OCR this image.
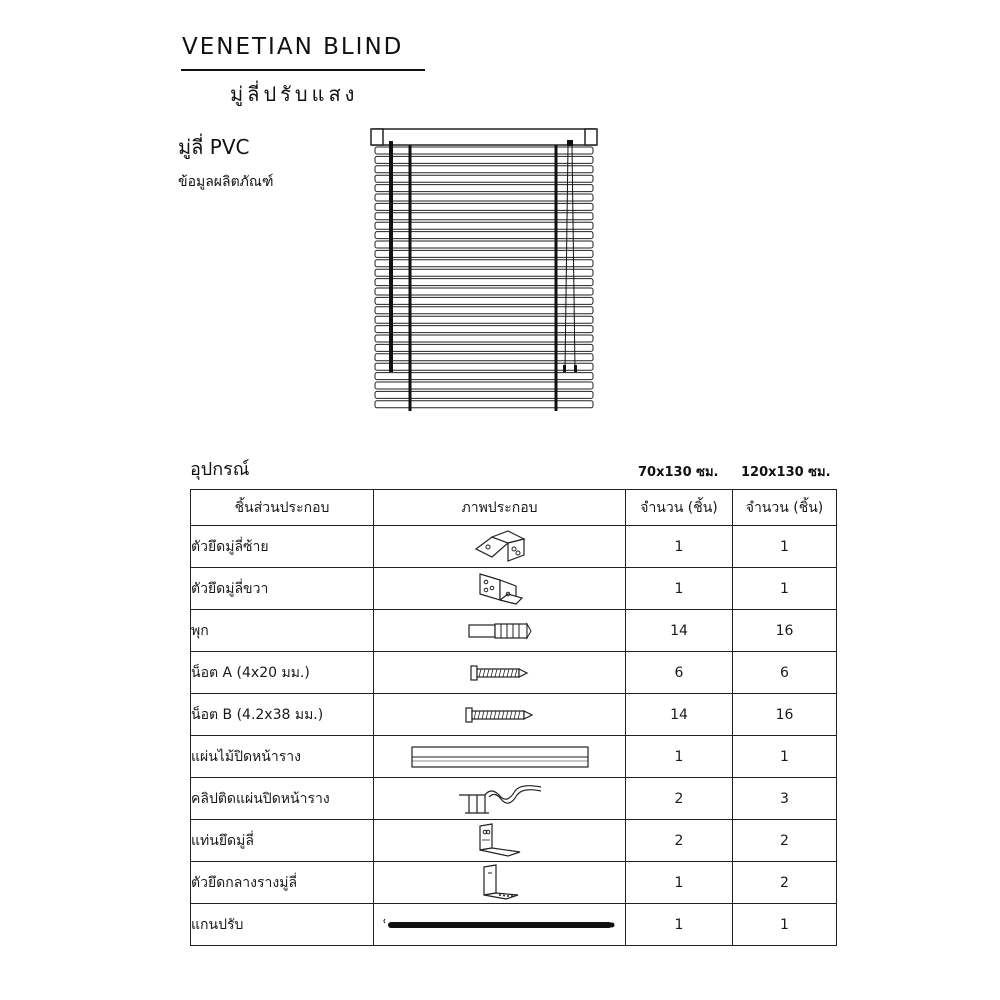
VENETIAN BLIND
มู่ลี่ปรับแสง
มู่ลี่ PVC
ข้อมูลผลิตภัณฑ์
อุปกรณ์	70x130 ซม. 120x130 ซม.
ชิ้นส่วนประกอบ	ภาพประกอบ	จำนวน (ชิ้น)	จำนวน (ชิ้น)
ตัวยึดมู่ลี่ซ้าย		1	1
ตัวยึดมู่ลี่ขวา		1	1
พุก		14	16
น็อต A (4x20 มม.)		6	6
น็อต B (4.2x38 มม.)		14	16
แผ่นไม้ปิดหน้าราง		1	1
คลิปติดแผ่นปิดหน้าราง		2	3
แท่นยึดมู่ลี่		2	2
ตัวยึดกลางรางมู่ลี่		1	2
แกนปรับ		1	1
